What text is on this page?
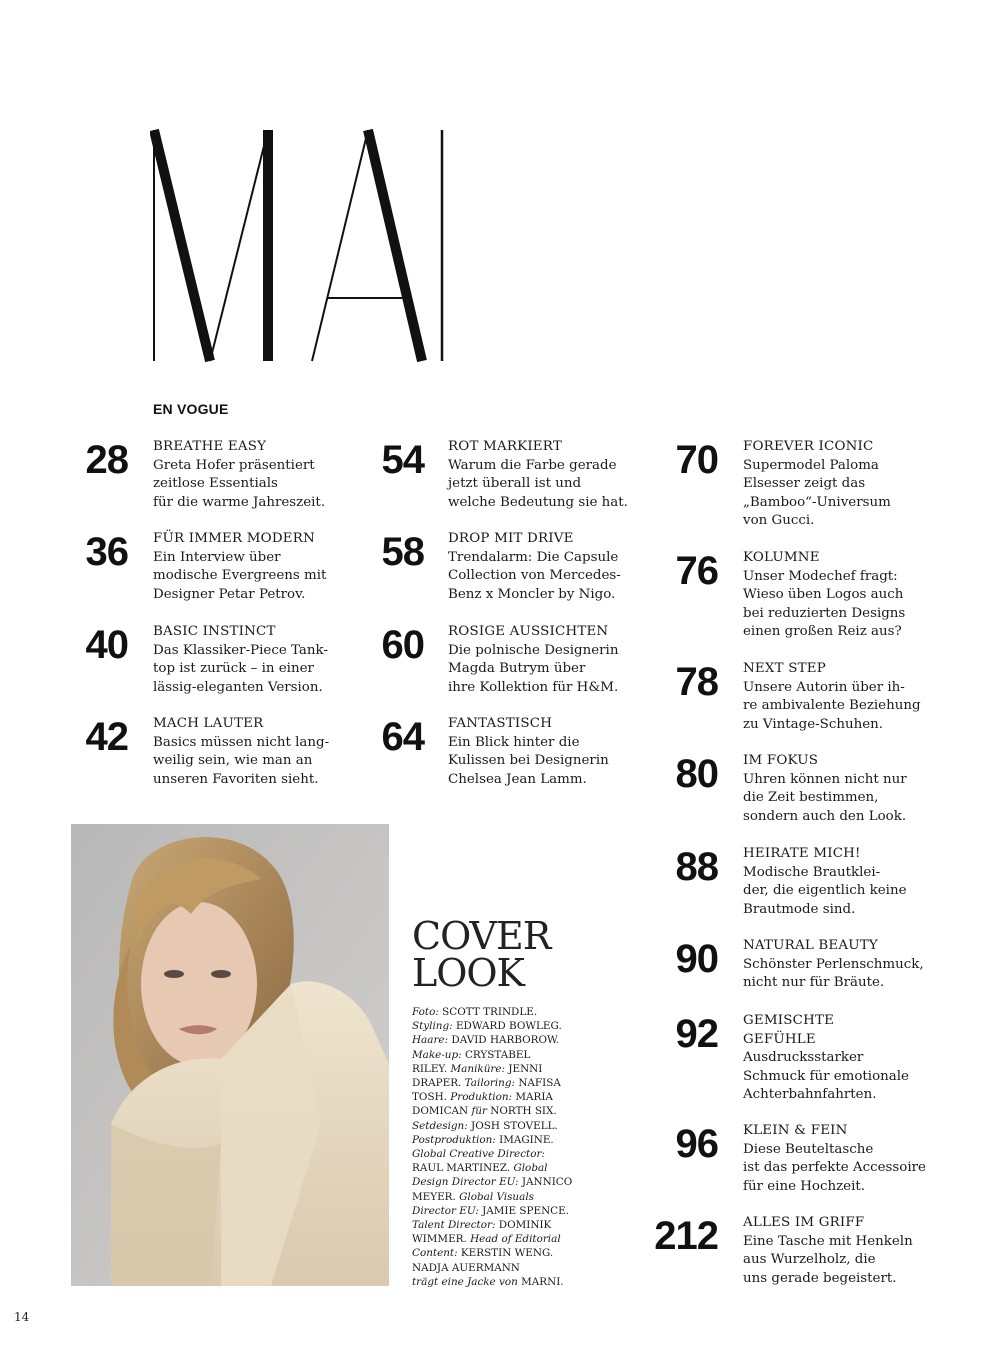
MAI
EN VOGUE
28 BREATHE EASY
Greta Hofer präsentiert
zeitlose Essentials
für die warme Jahreszeit.
36 FÜR IMMER MODERN
Ein Interview über
modische Evergreens mit
Designer Petar Petrov.
40 BASIC INSTINCT
Das Klassiker-Piece Tank-
top ist zurück – in einer
lässig-eleganten Version.
42 MACH LAUTER
Basics müssen nicht lang-
weilig sein, wie man an
unseren Favoriten sieht.
54 ROT MARKIERT
Warum die Farbe gerade
jetzt überall ist und
welche Bedeutung sie hat.
58 DROP MIT DRIVE
Trendalarm: Die Capsule
Collection von Mercedes-
Benz x Moncler by Nigo.
60 ROSIGE AUSSICHTEN
Die polnische Designerin
Magda Butrym über
ihre Kollektion für H&M.
64 FANTASTISCH
Ein Blick hinter die
Kulissen bei Designerin
Chelsea Jean Lamm.
70 FOREVER ICONIC
Supermodel Paloma
Elsesser zeigt das
„Bamboo“-Universum
von Gucci.
76 KOLUMNE
Unser Modechef fragt:
Wieso üben Logos auch
bei reduzierten Designs
einen großen Reiz aus?
78 NEXT STEP
Unsere Autorin über ih-
re ambivalente Beziehung
zu Vintage-Schuhen.
80 IM FOKUS
Uhren können nicht nur
die Zeit bestimmen,
sondern auch den Look.
88 HEIRATE MICH!
Modische Brautklei-
der, die eigentlich keine
Brautmode sind.
90 NATURAL BEAUTY
Schönster Perlenschmuck,
nicht nur für Bräute.
92 GEMISCHTE
GEFÜHLE
Ausdrucksstarker
Schmuck für emotionale
Achterbahnfahrten.
96 KLEIN & FEIN
Diese Beuteltasche
ist das perfekte Accessoire
für eine Hochzeit.
212 ALLES IM GRIFF
Eine Tasche mit Henkeln
aus Wurzelholz, die
uns gerade begeistert.
COVER
LOOK
Foto: SCOTT TRINDLE.
Styling: EDWARD BOWLEG.
Haare: DAVID HARBOROW.
Make-up: CRYSTABEL
RILEY. Maniküre: JENNI
DRAPER. Tailoring: NAFISA
TOSH. Produktion: MARIA
DOMICAN für NORTH SIX.
Setdesign: JOSH STOVELL.
Postproduktion: IMAGINE.
Global Creative Director:
RAUL MARTINEZ. Global
Design Director EU: JANNICO
MEYER. Global Visuals
Director EU: JAMIE SPENCE.
Talent Director: DOMINIK
WIMMER. Head of Editorial
Content: KERSTIN WENG.
NADJA AUERMANN
trägt eine Jacke von MARNI.
14
